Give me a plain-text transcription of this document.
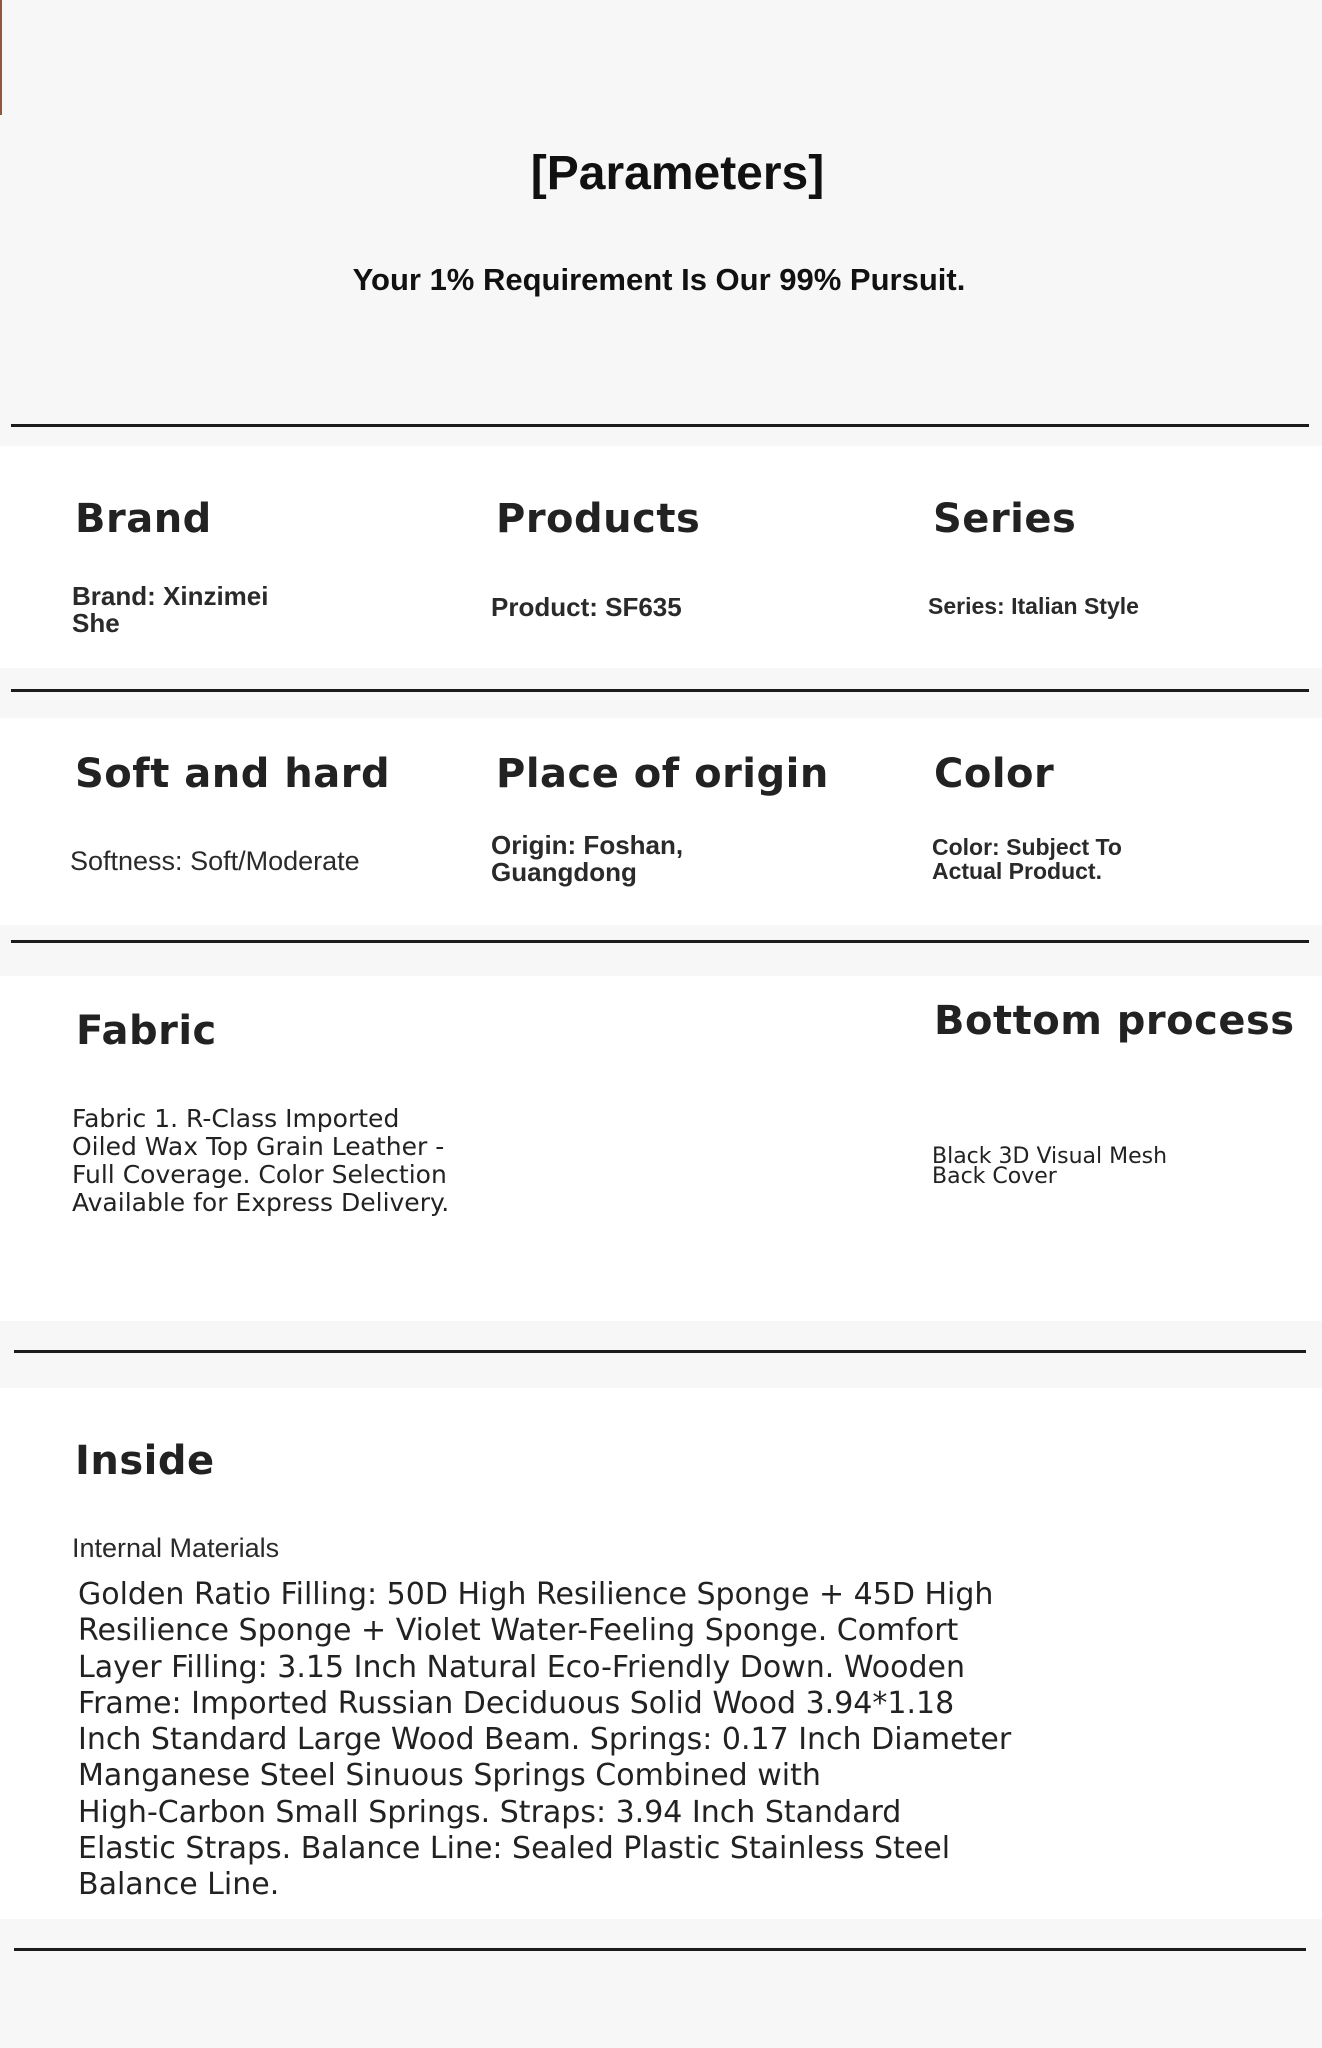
[Parameters]
Your 1% Requirement Is Our 99% Pursuit.
Brand
Brand: Xinzimei
She
Products
Product: SF635
Series
Series: Italian Style
Soft and hard
Softness: Soft/Moderate
Place of origin
Origin: Foshan,
Guangdong
Color
Color: Subject To
Actual Product.
Fabric
Fabric 1. R-Class Imported
Oiled Wax Top Grain Leather -
Full Coverage. Color Selection
Available for Express Delivery.
Bottom process
Black 3D Visual Mesh
Back Cover
Inside
Internal Materials
Golden Ratio Filling: 50D High Resilience Sponge + 45D High
Resilience Sponge + Violet Water-Feeling Sponge. Comfort
Layer Filling: 3.15 Inch Natural Eco-Friendly Down. Wooden
Frame: Imported Russian Deciduous Solid Wood 3.94*1.18
Inch Standard Large Wood Beam. Springs: 0.17 Inch Diameter
Manganese Steel Sinuous Springs Combined with
High-Carbon Small Springs. Straps: 3.94 Inch Standard
Elastic Straps. Balance Line: Sealed Plastic Stainless Steel
Balance Line.
